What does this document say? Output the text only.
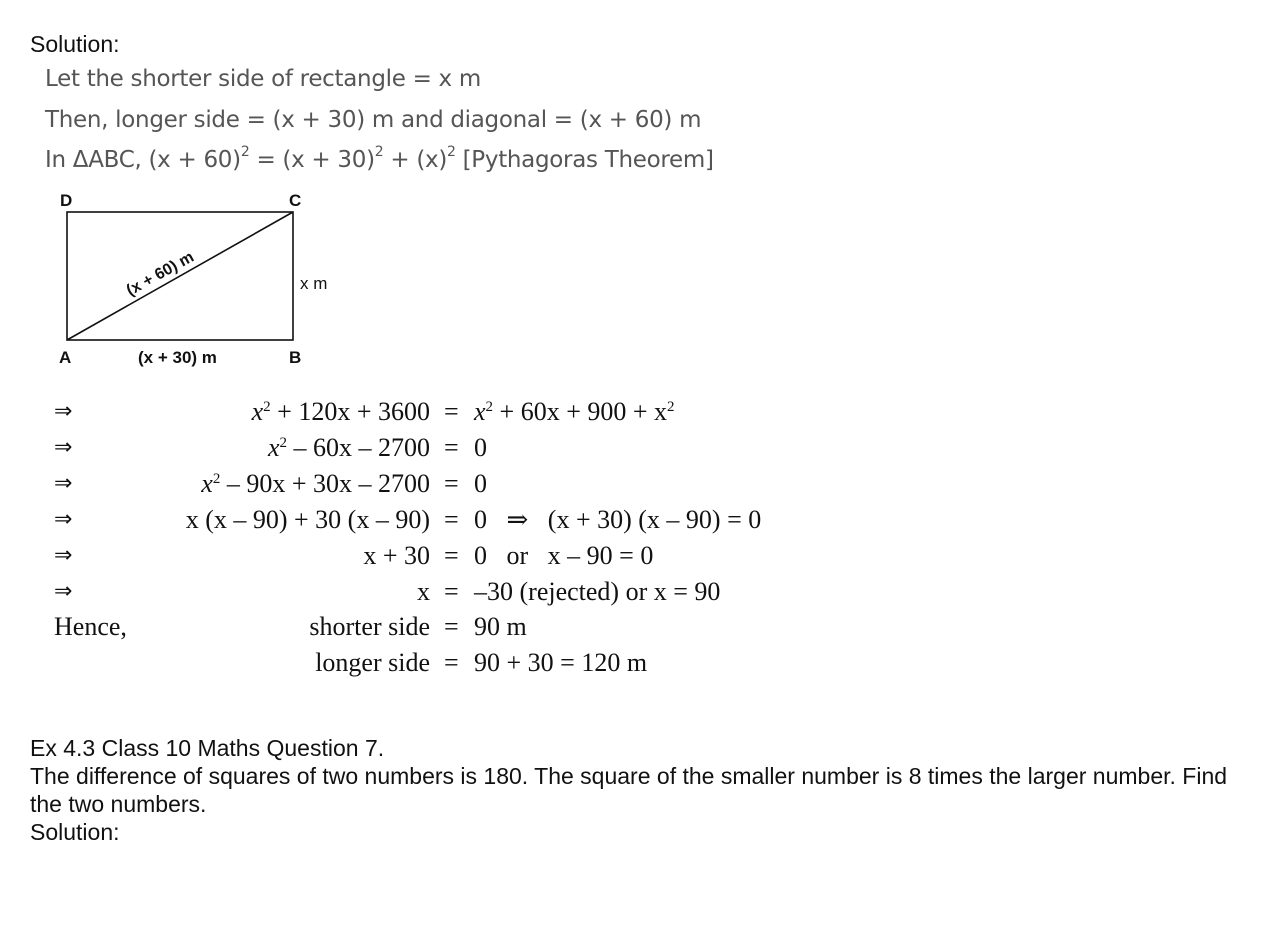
Solution:
Let the shorter side of rectangle = x m
Then, longer side = (x + 30) m and diagonal = (x + 60) m
In ΔABC, $(x + 60)^2 = (x + 30)^2 + (x)^2$ [Pythagoras Theorem]
D	C
A	B
(x + 30) m
x m
(x + 60) m
⇒	$x^2 + 120x + 3600 = x^2 + 60x + 900 + x^2$
⇒	$x^2 - 60x - 2700 = 0$
⇒	$x^2 - 90x + 30x - 2700 = 0$
⇒	x (x – 90) + 30 (x – 90) = 0   ⇒   (x + 30) (x – 90) = 0
⇒	x + 30 = 0   or   x – 90 = 0
⇒	x = –30 (rejected) or x = 90
Hence,	shorter side = 90 m
longer side = 90 + 30 = 120 m
Ex 4.3 Class 10 Maths Question 7.
The difference of squares of two numbers is 180. The square of the smaller number is 8 times the larger number. Find the two numbers.
Solution:
